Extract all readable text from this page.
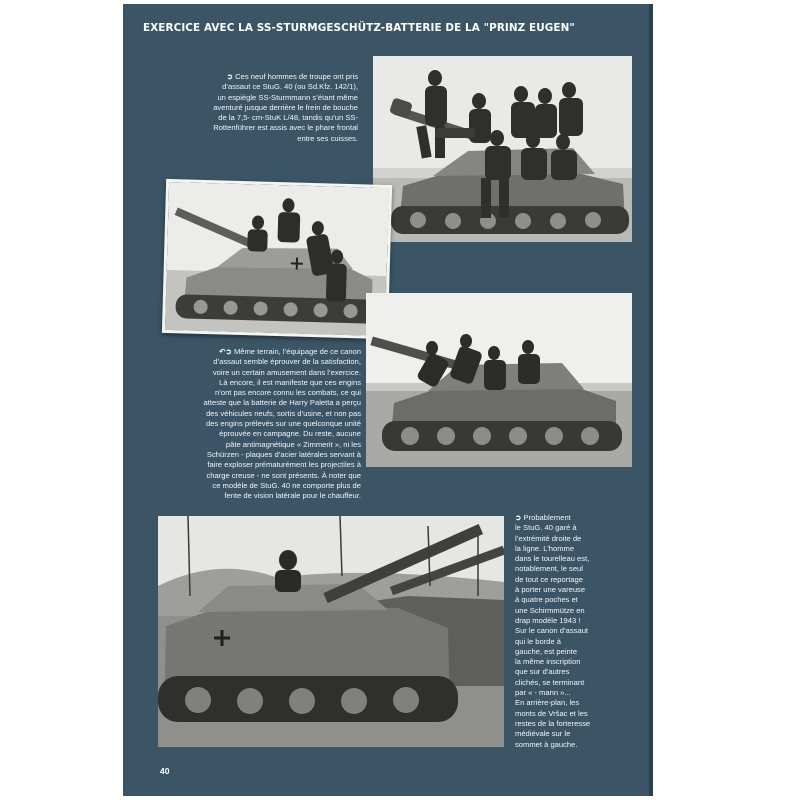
EXERCICE AVEC LA SS-STURMGESCHÜTZ-BATTERIE DE LA "PRINZ EUGEN"

➲ Ces neuf hommes de troupe ont pris

d’assaut ce StuG. 40 (ou Sd.Kfz. 142/1),

un espiègle SS-Sturmmann s’étant même

aventuré jusque derrière le frein de bouche

de la 7,5- cm-StuK L/48, tandis qu’un SS-

Rottenführer est assis avec le phare frontal

entre ses cuisses.

↶➲ Même terrain, l’équipage de ce canon

d’assaut semble éprouver de la satisfaction,

voire un certain amusement dans l’exercice.

Là encore, il est manifeste que ces engins

n’ont pas encore connu les combats, ce qui

atteste que la batterie de Harry Paletta a perçu

des véhicules neufs, sortis d’usine, et non pas

des engins prélevés sur une quelconque unité

éprouvée en campagne. Du reste, aucune

pâte antimagnétique « Zimmerit », ni les

Schürzen - plaques d’acier latérales servant à

faire exploser prématurément les projectiles à

charge creuse - ne sont présents. À noter que

ce modèle de StuG. 40 ne comporte plus de

fente de vision latérale pour le chauffeur.

➲ Probablement

le StuG. 40 garé à

l’extrémité droite de

la ligne. L’homme

dans le tourelleau est,

notablement, le seul

de tout ce reportage

à porter une vareuse

à quatre poches et

une Schirmmütze en

drap modèle 1943 !

Sur le canon d’assaut

qui le borde à

gauche, est peinte

la même inscription

que sur d’autres

clichés, se terminant

par « - mann »...

En arrière-plan, les

monts de Vršac et les

restes de la forteresse

médiévale sur le

sommet à gauche.

40
